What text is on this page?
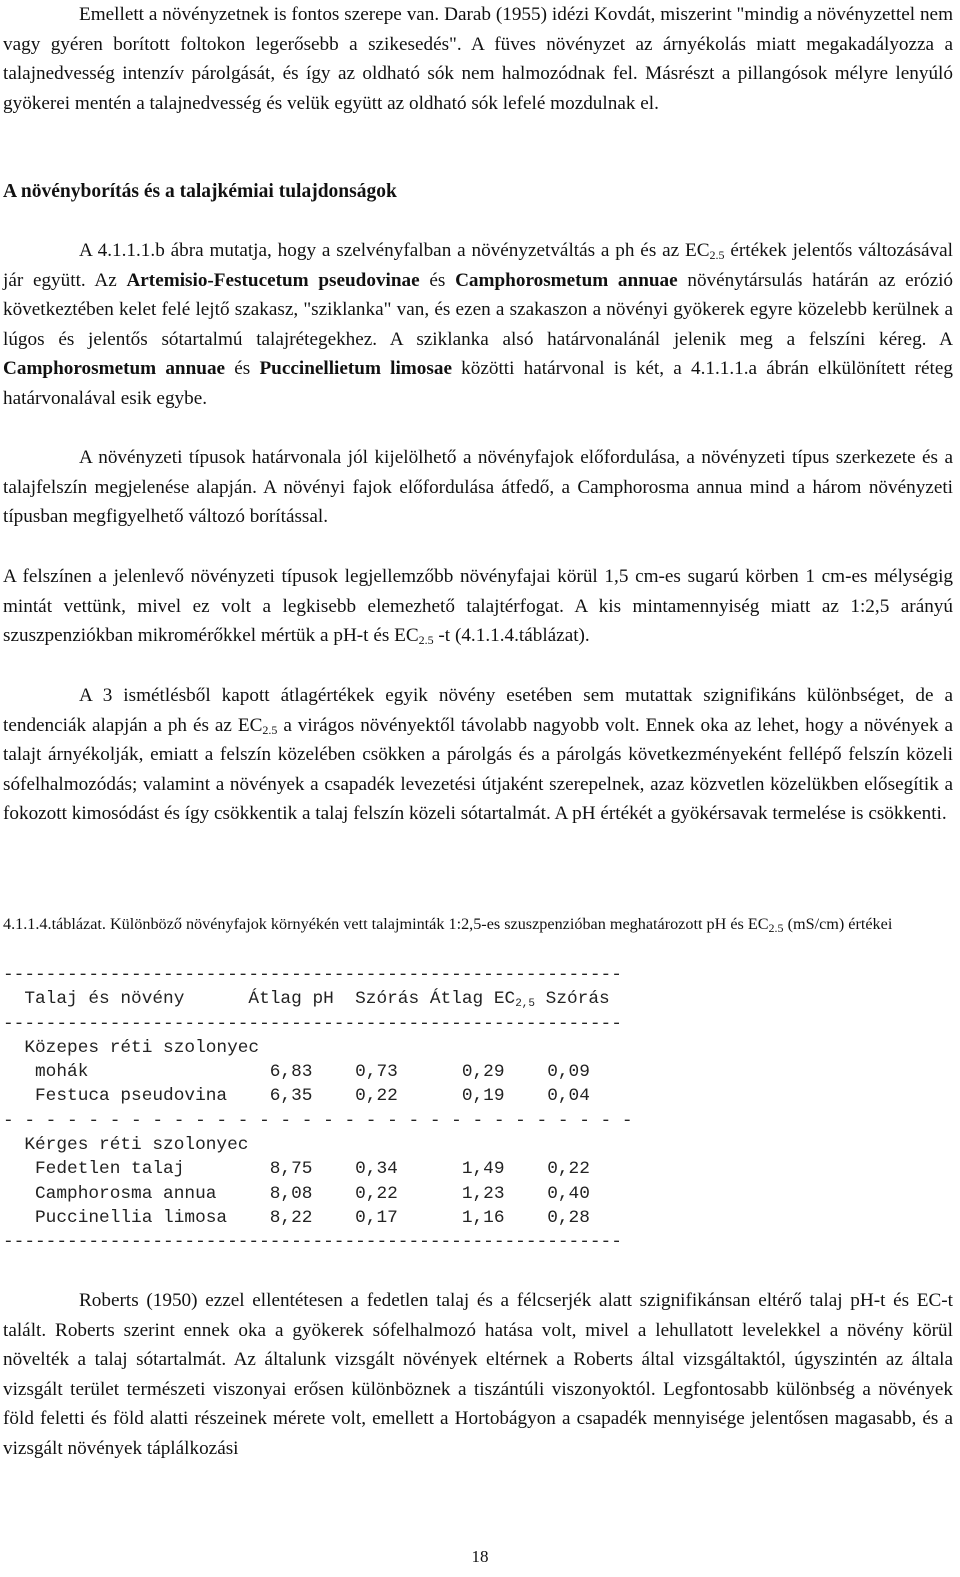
Emellett a növényzetnek is fontos szerepe van. Darab (1955) idézi Kovdát, miszerint "mindig a növényzettel nem vagy gyéren borított foltokon legerősebb a szikesedés". A füves növényzet az árnyékolás miatt megakadályozza a talajnedvesség intenzív párolgását, és így az oldható sók nem halmozódnak fel. Másrészt a pillangósok mélyre lenyúló gyökerei mentén a talajnedvesség és velük együtt az oldható sók lefelé mozdulnak el.

A növényborítás és a talajkémiai tulajdonságok

A 4.1.1.1.b ábra mutatja, hogy a szelvényfalban a növényzetváltás a ph és az $EC_{2.5}$ értékek jelentős változásával jár együtt. Az Artemisio-Festucetum pseudovinae és Camphorosmetum annuae növénytársulás határán az erózió következtében kelet felé lejtő szakasz, "sziklanka" van, és ezen a szakaszon a növényi gyökerek egyre közelebb kerülnek a lúgos és jelentős sótartalmú talajrétegekhez. A sziklanka alsó határvonalánál jelenik meg a felszíni kéreg. A Camphorosmetum annuae és Puccinellietum limosae közötti határvonal is két, a 4.1.1.1.a ábrán elkülönített réteg határvonalával esik egybe.

A növényzeti típusok határvonala jól kijelölhető a növényfajok előfordulása, a növényzeti típus szerkezete és a talajfelszín megjelenése alapján. A növényi fajok előfordulása átfedő, a Camphorosma annua mind a három növényzeti típusban megfigyelhető változó borítással.

A felszínen a jelenlevő növényzeti típusok legjellemzőbb növényfajai körül 1,5 cm-es sugarú körben 1 cm-es mélységig mintát vettünk, mivel ez volt a legkisebb elemezhető talajtérfogat. A kis mintamennyiség miatt az 1:2,5 arányú szuszpenziókban mikromérőkkel mértük a pH-t és $EC_{2.5}$ -t (4.1.1.4.táblázat).

A 3 ismétlésből kapott átlagértékek egyik növény esetében sem mutattak szignifikáns különbséget, de a tendenciák alapján a ph és az $EC_{2.5}$ a virágos növényektől távolabb nagyobb volt. Ennek oka az lehet, hogy a növények a talajt árnyékolják, emiatt a felszín közelében csökken a párolgás és a párolgás következményeként fellépő felszín közeli sófelhalmozódás; valamint a növények a csapadék levezetési útjaként szerepelnek, azaz közvetlen közelükben elősegítik a fokozott kimosódást és így csökkentik a talaj felszín közeli sótartalmát. A pH értékét a gyökérsavak termelése is csökkenti.

4.1.1.4.táblázat. Különböző növényfajok környékén vett talajminták 1:2,5-es szuszpenzióban meghatározott pH és $EC_{2.5}$ (mS/cm) értékei

----------------------------------------------------------
Talaj és növény      Átlag pH  Szórás Átlag $EC_{2,5}$ Szórás
----------------------------------------------------------
Közepes réti szolonyec
mohák                 6,83    0,73      0,29    0,09
Festuca pseudovina    6,35    0,22      0,19    0,04
- - - - - - - - - - - - - - - - - - - - - - - - - - - - - -
Kérges réti szolonyec
Fedetlen talaj        8,75    0,34      1,49    0,22
Camphorosma annua     8,08    0,22      1,23    0,40
Puccinellia limosa    8,22    0,17      1,16    0,28
----------------------------------------------------------

Roberts (1950) ezzel ellentétesen a fedetlen talaj és a félcserjék alatt szignifikánsan eltérő talaj pH-t és EC-t talált. Roberts szerint ennek oka a gyökerek sófelhalmozó hatása volt, mivel a lehullatott levelekkel a növény körül növelték a talaj sótartalmát. Az általunk vizsgált növények eltérnek a Roberts által vizsgáltaktól, úgyszintén az általa vizsgált terület természeti viszonyai erősen különböznek a tiszántúli viszonyoktól. Legfontosabb különbség a növények föld feletti és föld alatti részeinek mérete volt, emellett a Hortobágyon a csapadék mennyisége jelentősen magasabb, és a vizsgált növények táplálkozási

18
